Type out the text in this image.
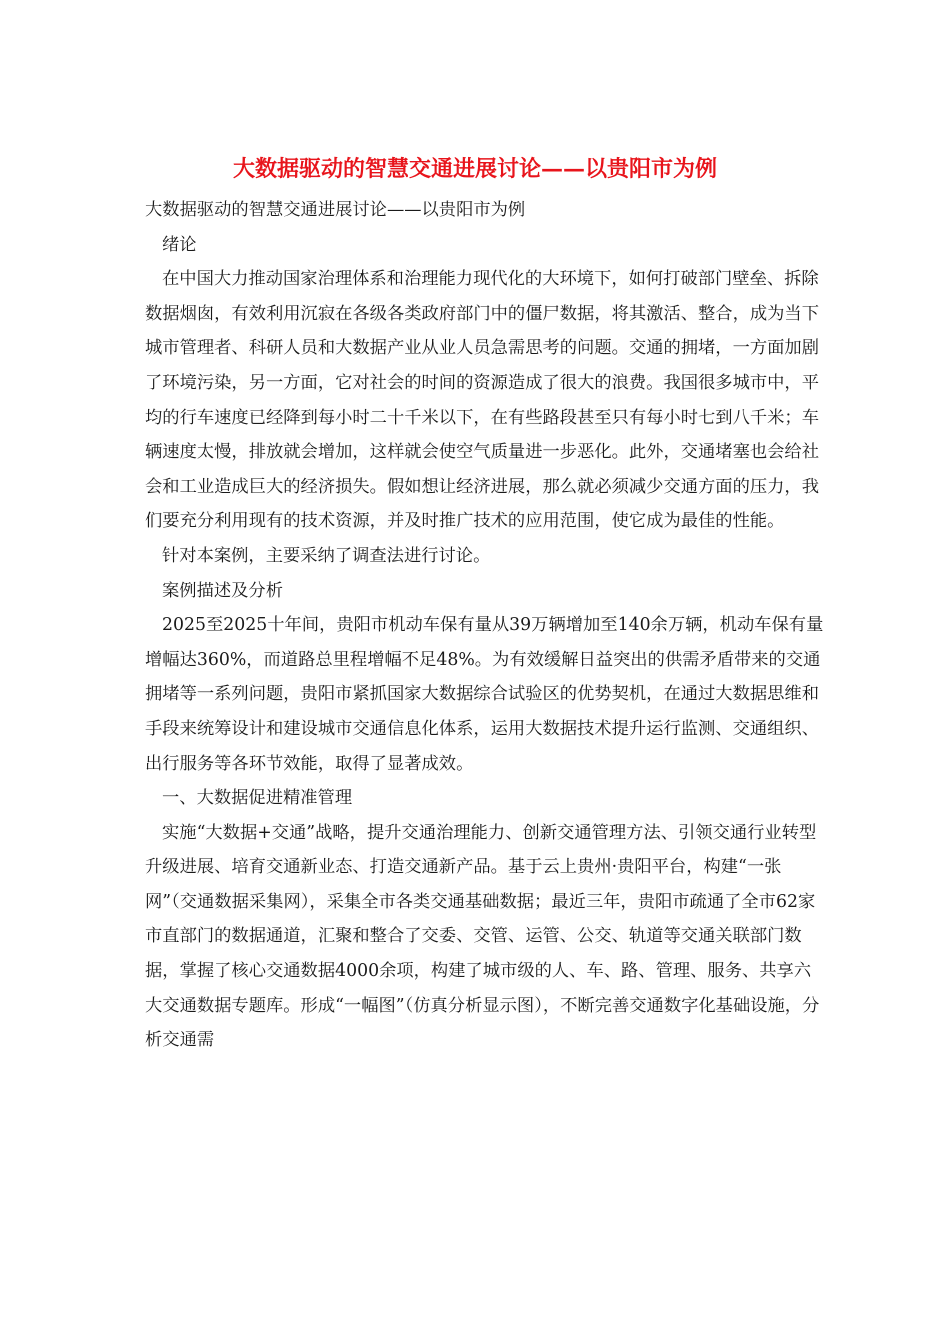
大数据驱动的智慧交通进展讨论——以贵阳市为例

大数据驱动的智慧交通进展讨论——以贵阳市为例

绪论

在中国大力推动国家治理体系和治理能力现代化的大环境下，如何打破部门壁垒、拆除数据烟囱，有效利用沉寂在各级各类政府部门中的僵尸数据，将其激活、整合，成为当下城市管理者、科研人员和大数据产业从业人员急需思考的问题。交通的拥堵，一方面加剧了环境污染，另一方面，它对社会的时间的资源造成了很大的浪费。我国很多城市中，平均的行车速度已经降到每小时二十千米以下，在有些路段甚至只有每小时七到八千米；车辆速度太慢，排放就会增加，这样就会使空气质量进一步恶化。此外，交通堵塞也会给社会和工业造成巨大的经济损失。假如想让经济进展，那么就必须减少交通方面的压力，我们要充分利用现有的技术资源，并及时推广技术的应用范围，使它成为最佳的性能。

针对本案例，主要采纳了调查法进行讨论。

案例描述及分析

2025至2025十年间，贵阳市机动车保有量从39万辆增加至140余万辆，机动车保有量增幅达360%，而道路总里程增幅不足48%。为有效缓解日益突出的供需矛盾带来的交通拥堵等一系列问题，贵阳市紧抓国家大数据综合试验区的优势契机，在通过大数据思维和手段来统筹设计和建设城市交通信息化体系，运用大数据技术提升运行监测、交通组织、出行服务等各环节效能，取得了显著成效。

一、大数据促进精准管理

实施“大数据+交通”战略，提升交通治理能力、创新交通管理方法、引领交通行业转型升级进展、培育交通新业态、打造交通新产品。基于云上贵州·贵阳平台，构建“一张网”（交通数据采集网），采集全市各类交通基础数据；最近三年，贵阳市疏通了全市62家市直部门的数据通道，汇聚和整合了交委、交管、运管、公交、轨道等交通关联部门数据，掌握了核心交通数据4000余项，构建了城市级的人、车、路、管理、服务、共享六大交通数据专题库。形成“一幅图”（仿真分析显示图），不断完善交通数字化基础设施，分析交通需
